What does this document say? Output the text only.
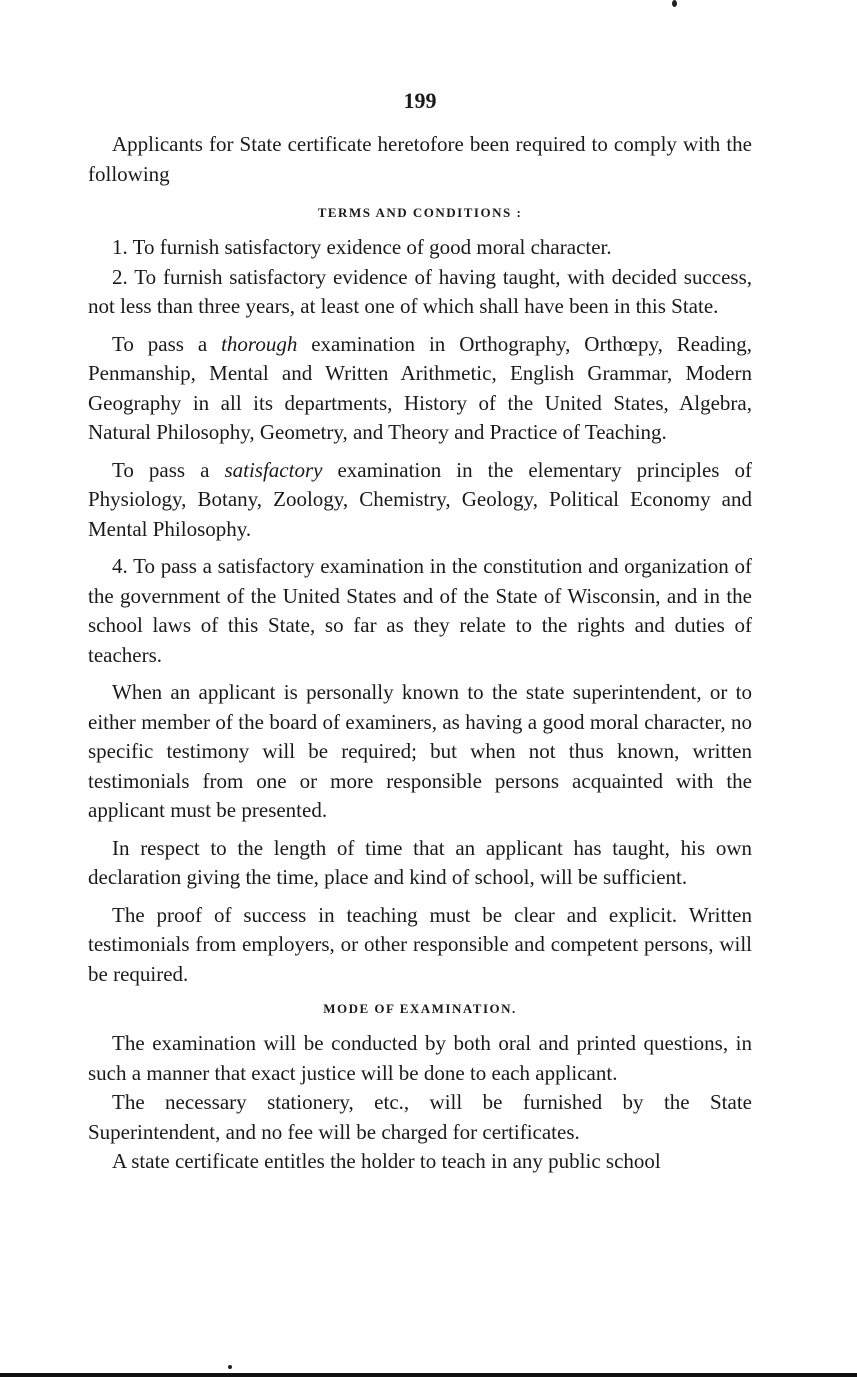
199

Applicants for State certificate heretofore been required to comply with the following

TERMS AND CONDITIONS :

1. To furnish satisfactory exidence of good moral character.

2. To furnish satisfactory evidence of having taught, with decided success, not less than three years, at least one of which shall have been in this State.

To pass a thorough examination in Orthography, Orthœpy, Reading, Penmanship, Mental and Written Arithmetic, English Grammar, Modern Geography in all its departments, History of the United States, Algebra, Natural Philosophy, Geometry, and Theory and Practice of Teaching.

To pass a satisfactory examination in the elementary principles of Physiology, Botany, Zoology, Chemistry, Geology, Political Economy and Mental Philosophy.

4. To pass a satisfactory examination in the constitution and organization of the government of the United States and of the State of Wisconsin, and in the school laws of this State, so far as they relate to the rights and duties of teachers.

When an applicant is personally known to the state superintendent, or to either member of the board of examiners, as having a good moral character, no specific testimony will be required; but when not thus known, written testimonials from one or more responsible persons acquainted with the applicant must be presented.

In respect to the length of time that an applicant has taught, his own declaration giving the time, place and kind of school, will be sufficient.

The proof of success in teaching must be clear and explicit. Written testimonials from employers, or other responsible and competent persons, will be required.

MODE OF EXAMINATION.

The examination will be conducted by both oral and printed questions, in such a manner that exact justice will be done to each applicant.

The necessary stationery, etc., will be furnished by the State Superintendent, and no fee will be charged for certificates.

A state certificate entitles the holder to teach in any public school
